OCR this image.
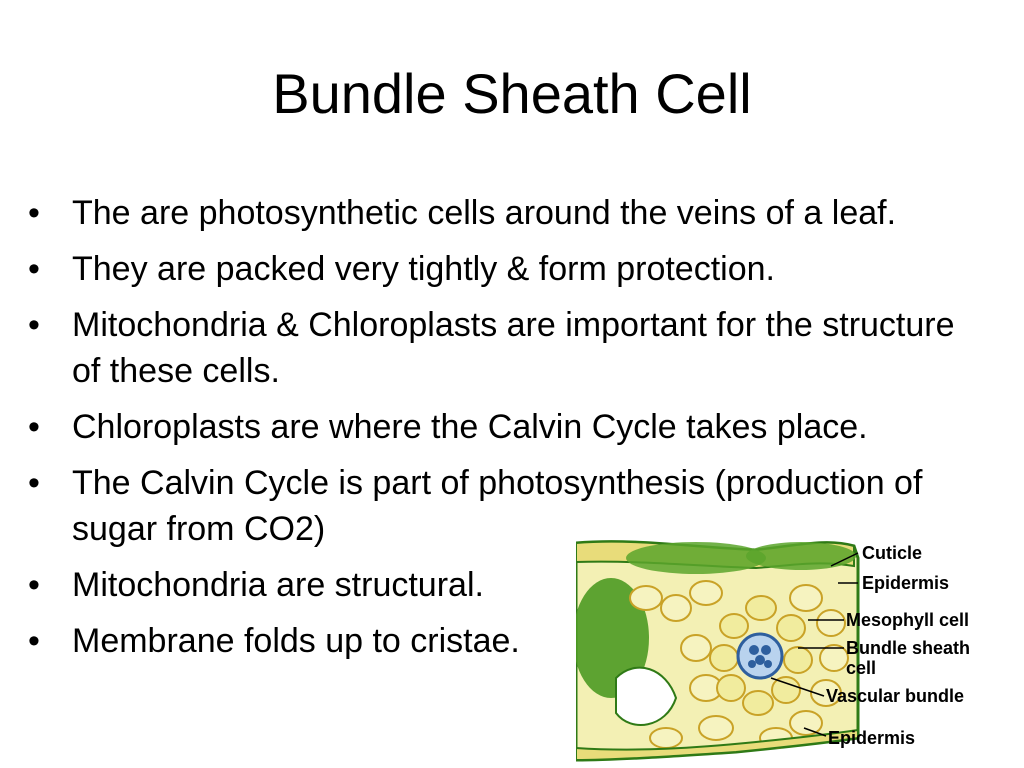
Bundle Sheath Cell
• The are photosynthetic cells around the veins of a leaf.
• They are packed very tightly & form protection.
• Mitochondria & Chloroplasts are important for the structure of these cells.
• Chloroplasts are where the Calvin Cycle takes place.
• The Calvin Cycle is part of photosynthesis (production of sugar from CO2)
• Mitochondria are structural.
• Membrane folds up to cristae.
Cuticle
Epidermis
Mesophyll cell
Bundle sheath
cell
Vascular bundle
Epidermis
